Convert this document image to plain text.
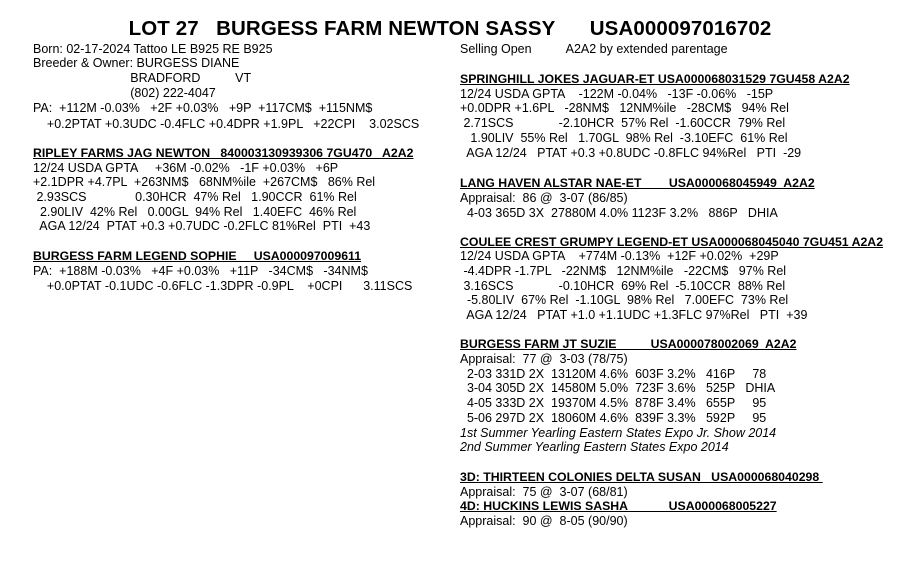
LOT 27   BURGESS FARM NEWTON SASSY      USA000097016702
Born: 02-17-2024 Tattoo LE B925 RE B925
Breeder & Owner: BURGESS DIANE
BRADFORD          VT
(802) 222-4047
PA:  +112M -0.03%   +2F +0.03%   +9P  +117CM$  +115NM$
+0.2PTAT +0.3UDC -0.4FLC +0.4DPR +1.9PL   +22CPI    3.02SCS
RIPLEY FARMS JAG NEWTON   840003130939306 7GU470   A2A2
12/24 USDA GPTA     +36M -0.02%   -1F +0.03%   +6P
+2.1DPR +4.7PL  +263NM$   68NM%ile  +267CM$   86% Rel
2.93SCS              0.30HCR  47% Rel   1.90CCR  61% Rel
2.90LIV  42% Rel   0.00GL  94% Rel   1.40EFC  46% Rel
AGA 12/24  PTAT +0.3 +0.7UDC -0.2FLC 81%Rel  PTI  +43
BURGESS FARM LEGEND SOPHIE     USA000097009611
PA:  +188M -0.03%   +4F +0.03%   +11P   -34CM$   -34NM$
+0.0PTAT -0.1UDC -0.6FLC -1.3DPR -0.9PL    +0CPI      3.11SCS
Selling Open          A2A2 by extended parentage
SPRINGHILL JOKES JAGUAR-ET USA000068031529 7GU458 A2A2
12/24 USDA GPTA    -122M -0.04%   -13F -0.06%   -15P
+0.0DPR +1.6PL   -28NM$   12NM%ile   -28CM$   94% Rel
2.71SCS             -2.10HCR  57% Rel  -1.60CCR  79% Rel
1.90LIV  55% Rel   1.70GL  98% Rel  -3.10EFC  61% Rel
AGA 12/24   PTAT +0.3 +0.8UDC -0.8FLC 94%Rel   PTI  -29
LANG HAVEN ALSTAR NAE-ET        USA000068045949  A2A2
Appraisal:  86 @  3-07 (86/85)
4-03 365D 3X  27880M 4.0% 1123F 3.2%   886P   DHIA
COULEE CREST GRUMPY LEGEND-ET USA000068045040 7GU451 A2A2
12/24 USDA GPTA    +774M -0.13%  +12F +0.02%  +29P
-4.4DPR -1.7PL   -22NM$   12NM%ile   -22CM$   97% Rel
3.16SCS             -0.10HCR  69% Rel  -5.10CCR  88% Rel
-5.80LIV  67% Rel  -1.10GL  98% Rel   7.00EFC  73% Rel
AGA 12/24   PTAT +1.0 +1.1UDC +1.3FLC 97%Rel   PTI  +39
BURGESS FARM JT SUZIE          USA000078002069  A2A2
Appraisal:  77 @  3-03 (78/75)
2-03 331D 2X  13120M 4.6%  603F 3.2%   416P     78
3-04 305D 2X  14580M 5.0%  723F 3.6%   525P   DHIA
4-05 333D 2X  19370M 4.5%  878F 3.4%   655P     95
5-06 297D 2X  18060M 4.6%  839F 3.3%   592P     95
1st Summer Yearling Eastern States Expo Jr. Show 2014
2nd Summer Yearling Eastern States Expo 2014
3D: THIRTEEN COLONIES DELTA SUSAN   USA000068040298
Appraisal:  75 @  3-07 (68/81)
4D: HUCKINS LEWIS SASHA            USA000068005227
Appraisal:  90 @  8-05 (90/90)
